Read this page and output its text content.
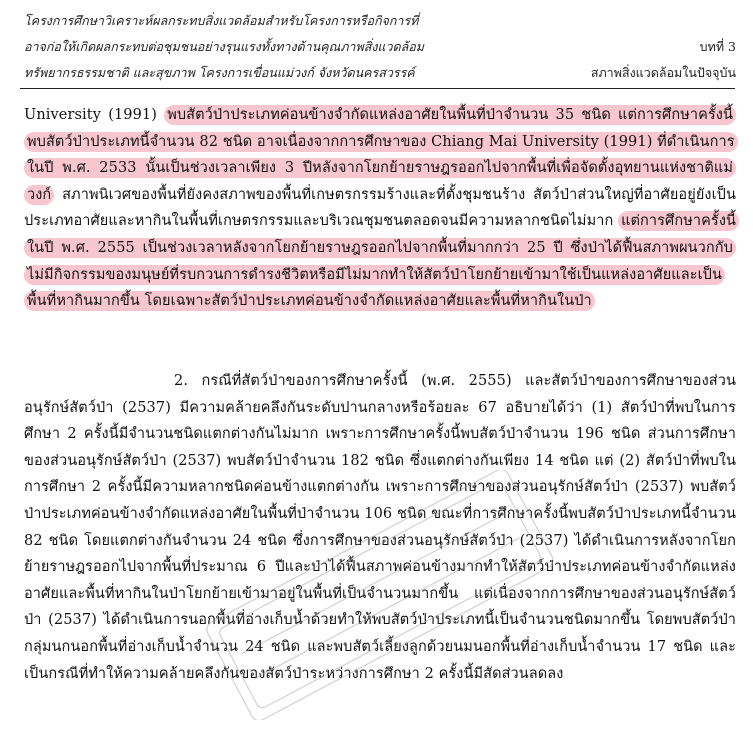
โครงการศึกษาวิเคราะห์ผลกระทบสิ่งแวดล้อมสำหรับโครงการหรือกิจการที่
อาจก่อให้เกิดผลกระทบต่อชุมชนอย่างรุนแรงทั้งทางด้านคุณภาพสิ่งแวดล้อม
ทรัพยากรธรรมชาติ และสุขภาพ โครงการเขื่อนแม่วงก์ จังหวัดนครสวรรค์
บทที่ 3
สภาพสิ่งแวดล้อมในปัจจุบัน
University (1991) พบสัตว์ป่าประเภทค่อนข้างจำกัดแหล่งอาศัยในพื้นที่ป่าจำนวน 35 ชนิด แต่การศึกษาครั้งนี้พบสัตว์ป่าประเภทนี้จำนวน 82 ชนิด อาจเนื่องจากการศึกษาของ Chiang Mai University (1991) ที่ดำเนินการในปี พ.ศ. 2533 นั้นเป็นช่วงเวลาเพียง 3 ปีหลังจากโยกย้ายราษฎรออกไปจากพื้นที่เพื่อจัดตั้งอุทยานแห่งชาติแม่วงก์ สภาพนิเวศของพื้นที่ยังคงสภาพของพื้นที่เกษตรกรรมร้างและที่ตั้งชุมชนร้าง สัตว์ป่าส่วนใหญ่ที่อาศัยอยู่ยังเป็นประเภทอาศัยและหากินในพื้นที่เกษตรกรรมและบริเวณชุมชนตลอดจนมีความหลากชนิดไม่มาก แต่การศึกษาครั้งนี้ในปี พ.ศ. 2555 เป็นช่วงเวลาหลังจากโยกย้ายราษฎรออกไปจากพื้นที่มากกว่า 25 ปี ซึ่งป่าได้ฟื้นสภาพผนวกกับไม่มีกิจกรรมของมนุษย์ที่รบกวนการดำรงชีวิตหรือมีไม่มากทำให้สัตว์ป่าโยกย้ายเข้ามาใช้เป็นแหล่งอาศัยและเป็นพื้นที่หากินมากขึ้น โดยเฉพาะสัตว์ป่าประเภทค่อนข้างจำกัดแหล่งอาศัยและพื้นที่หากินในป่า
2. กรณีที่สัตว์ป่าของการศึกษาครั้งนี้ (พ.ศ. 2555) และสัตว์ป่าของการศึกษาของส่วนอนุรักษ์สัตว์ป่า (2537) มีความคล้ายคลึงกันระดับปานกลางหรือร้อยละ 67 อธิบายได้ว่า (1) สัตว์ป่าที่พบในการศึกษา 2 ครั้งนี้มีจำนวนชนิดแตกต่างกันไม่มาก เพราะการศึกษาครั้งนี้พบสัตว์ป่าจำนวน 196 ชนิด ส่วนการศึกษาของส่วนอนุรักษ์สัตว์ป่า (2537) พบสัตว์ป่าจำนวน 182 ชนิด ซึ่งแตกต่างกันเพียง 14 ชนิด แต่ (2) สัตว์ป่าที่พบในการศึกษา 2 ครั้งนี้มีความหลากชนิดค่อนข้างแตกต่างกัน เพราะการศึกษาของส่วนอนุรักษ์สัตว์ป่า (2537) พบสัตว์ป่าประเภทค่อนข้างจำกัดแหล่งอาศัยในพื้นที่ป่าจำนวน 106 ชนิด ขณะที่การศึกษาครั้งนี้พบสัตว์ป่าประเภทนี้จำนวน 82 ชนิด โดยแตกต่างกันจำนวน 24 ชนิด ซึ่งการศึกษาของส่วนอนุรักษ์สัตว์ป่า (2537) ได้ดำเนินการหลังจากโยกย้ายราษฎรออกไปจากพื้นที่ประมาณ 6 ปีและป่าได้ฟื้นสภาพค่อนข้างมากทำให้สัตว์ป่าประเภทค่อนข้างจำกัดแหล่งอาศัยและพื้นที่หากินในป่าโยกย้ายเข้ามาอยู่ในพื้นที่เป็นจำนวนมากขึ้น แต่เนื่องจากการศึกษาของส่วนอนุรักษ์สัตว์ป่า (2537) ได้ดำเนินการนอกพื้นที่อ่างเก็บน้ำด้วยทำให้พบสัตว์ป่าประเภทนี้เป็นจำนวนชนิดมากขึ้น โดยพบสัตว์ป่ากลุ่มนกนอกพื้นที่อ่างเก็บน้ำจำนวน 24 ชนิด และพบสัตว์เลี้ยงลูกด้วยนมนอกพื้นที่อ่างเก็บน้ำจำนวน 17 ชนิด และเป็นกรณีที่ทำให้ความคล้ายคลึงกันของสัตว์ป่าระหว่างการศึกษา 2 ครั้งนี้มีสัดส่วนลดลง
